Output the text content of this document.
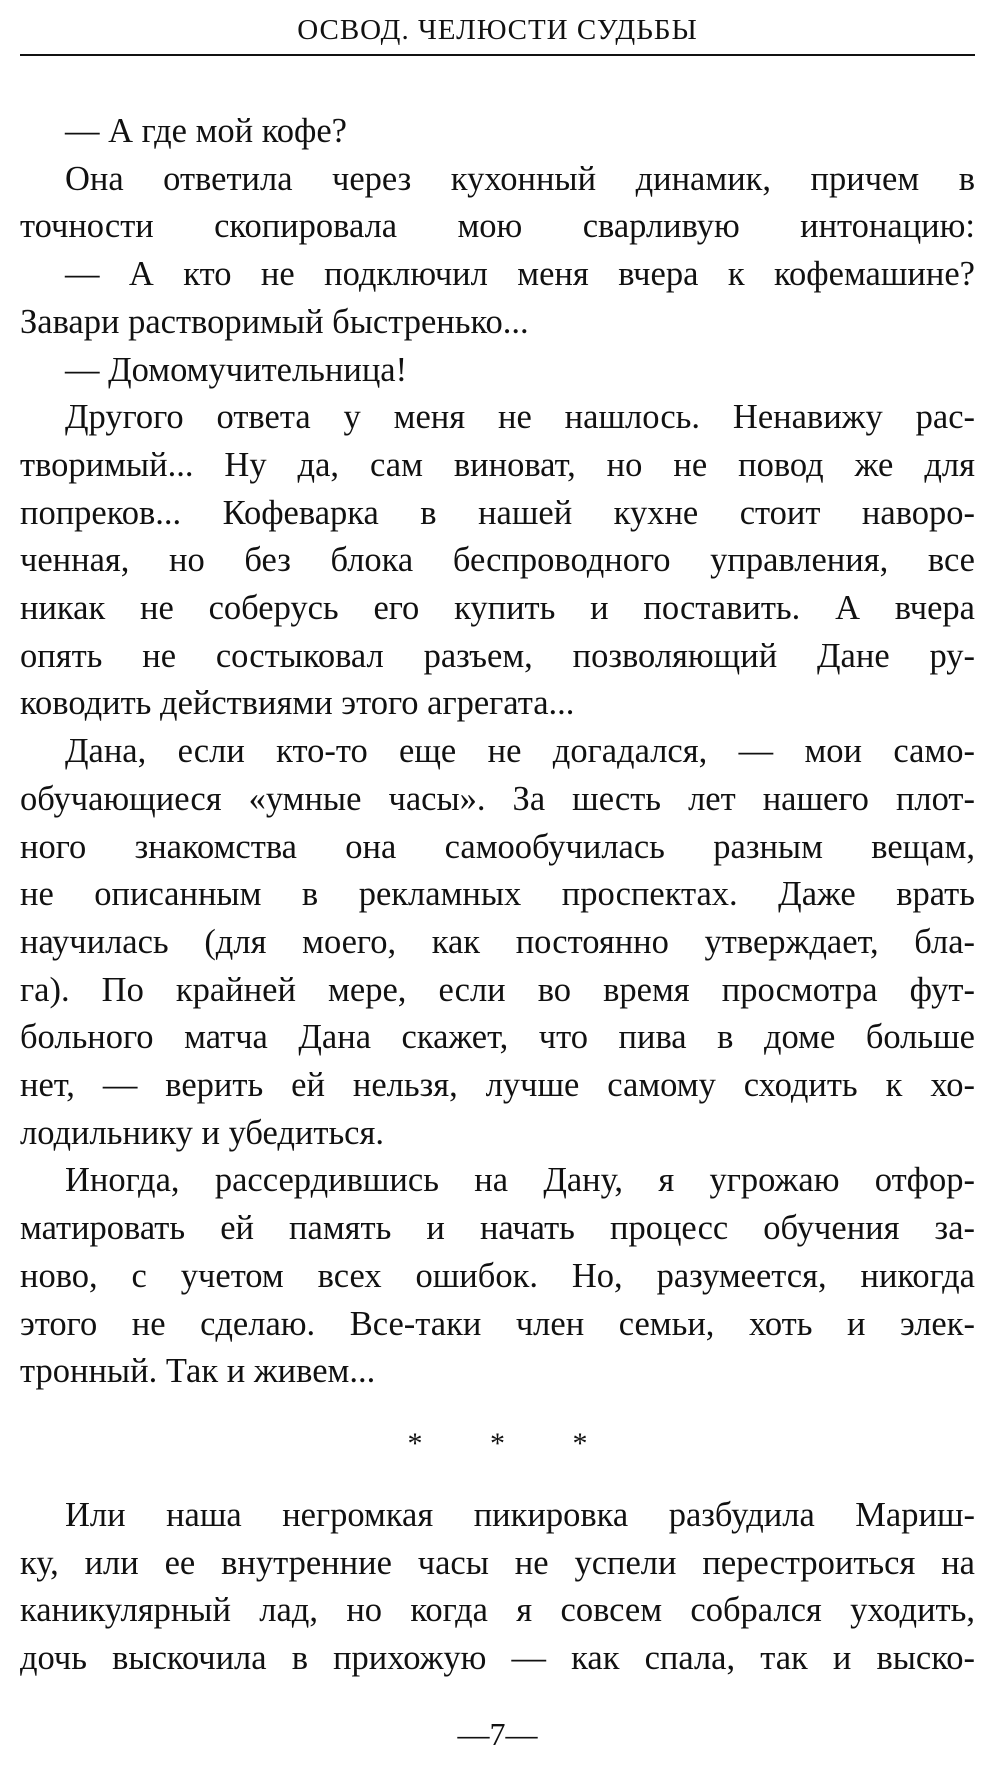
ОСВОД. ЧЕЛЮСТИ СУДЬБЫ

— А где мой кофе?

Она ответила через кухонный динамик, причем в
точности скопировала мою сварливую интонацию:

— А кто не подключил меня вчера к кофемашине?
Завари растворимый быстренько...

— Домомучительница!

Другого ответа у меня не нашлось. Ненавижу рас-
творимый... Ну да, сам виноват, но не повод же для
попреков... Кофеварка в нашей кухне стоит наворо-
ченная, но без блока беспроводного управления, все
никак не соберусь его купить и поставить. А вчера
опять не состыковал разъем, позволяющий Дане ру-
ководить действиями этого агрегата...

Дана, если кто-то еще не догадался, — мои само-
обучающиеся «умные часы». За шесть лет нашего плот-
ного знакомства она самообучилась разным вещам,
не описанным в рекламных проспектах. Даже врать
научилась (для моего, как постоянно утверждает, бла-
га). По крайней мере, если во время просмотра фут-
больного матча Дана скажет, что пива в доме больше
нет, — верить ей нельзя, лучше самому сходить к хо-
лодильнику и убедиться.

Иногда, рассердившись на Дану, я угрожаю отфор-
матировать ей память и начать процесс обучения за-
ново, с учетом всех ошибок. Но, разумеется, никогда
этого не сделаю. Все-таки член семьи, хоть и элек-
тронный. Так и живем...

* * *

Или наша негромкая пикировка разбудила Мариш-
ку, или ее внутренние часы не успели перестроиться на
каникулярный лад, но когда я совсем собрался уходить,
дочь выскочила в прихожую — как спала, так и выско-

—7—
